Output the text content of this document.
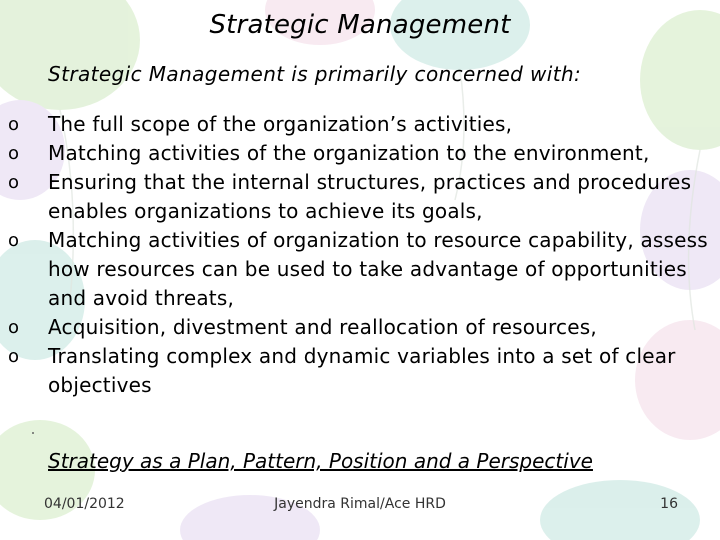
Strategic Management
Strategic Management is primarily concerned with:
o The full scope of the organization’s activities,
o Matching activities of the organization to the environment,
o Ensuring that the internal structures, practices and procedures enables organizations to achieve its goals,
o Matching activities of organization to resource capability, assess how resources can be used to take advantage of opportunities and avoid threats,
o Acquisition, divestment and reallocation of resources,
o Translating complex and dynamic variables into a set of clear objectives
Strategy as a Plan, Pattern, Position and a Perspective
04/01/2012	Jayendra Rimal/Ace HRD	16
